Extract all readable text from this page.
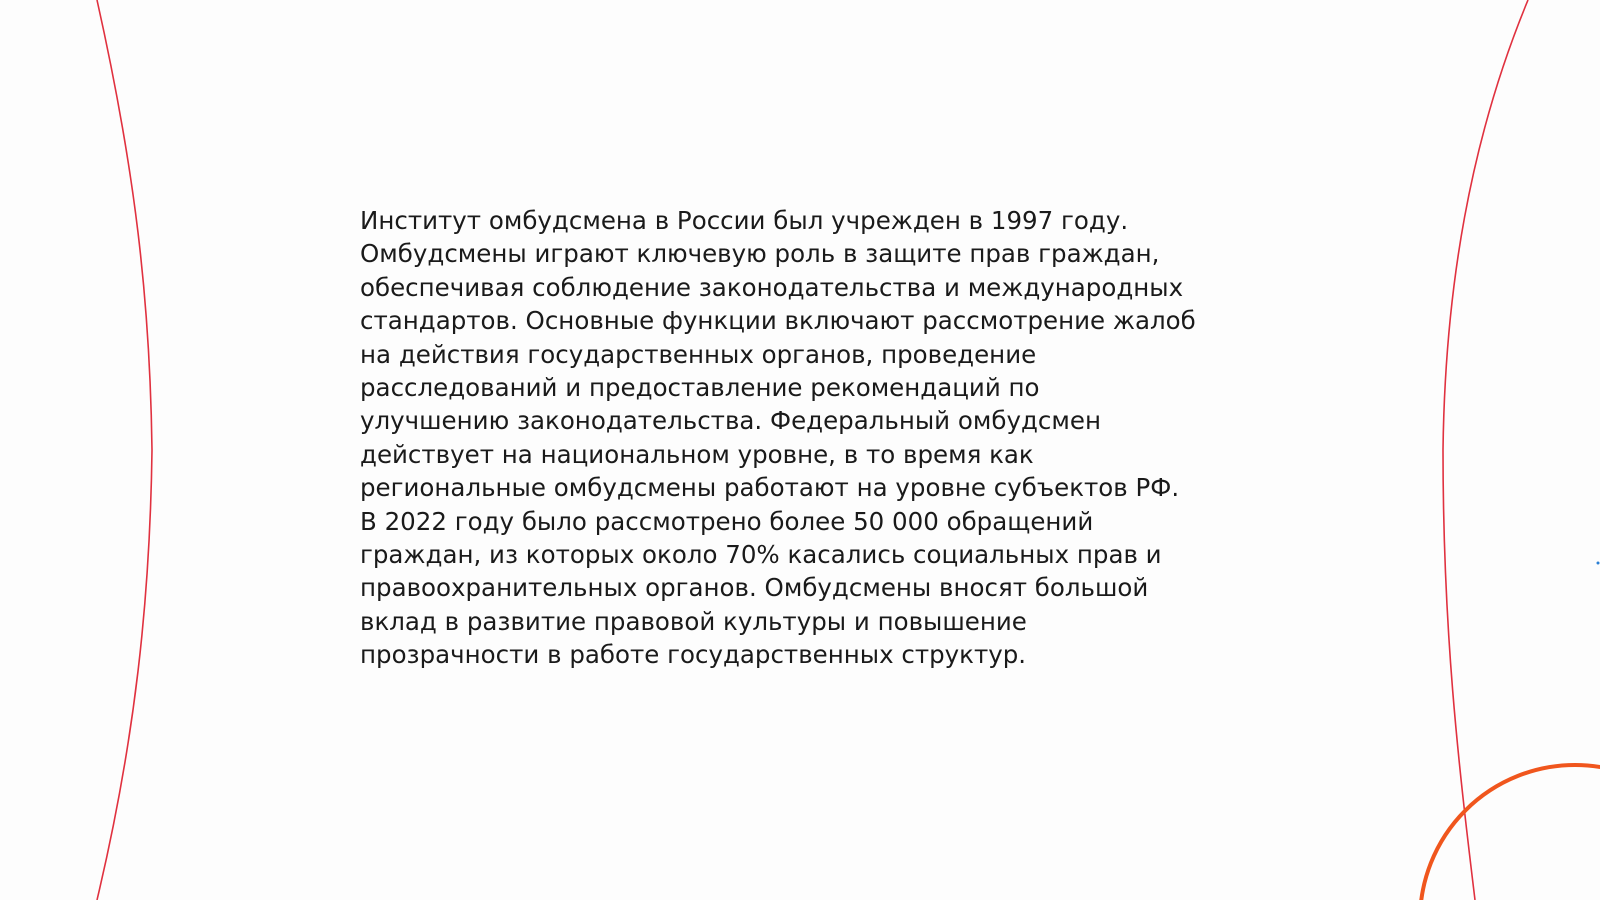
Институт омбудсмена в России был учрежден в 1997 году.
Омбудсмены играют ключевую роль в защите прав граждан,
обеспечивая соблюдение законодательства и международных
стандартов. Основные функции включают рассмотрение жалоб
на действия государственных органов, проведение
расследований и предоставление рекомендаций по
улучшению законодательства. Федеральный омбудсмен
действует на национальном уровне, в то время как
региональные омбудсмены работают на уровне субъектов РФ.
В 2022 году было рассмотрено более 50 000 обращений
граждан, из которых около 70% касались социальных прав и
правоохранительных органов. Омбудсмены вносят большой
вклад в развитие правовой культуры и повышение
прозрачности в работе государственных структур.
